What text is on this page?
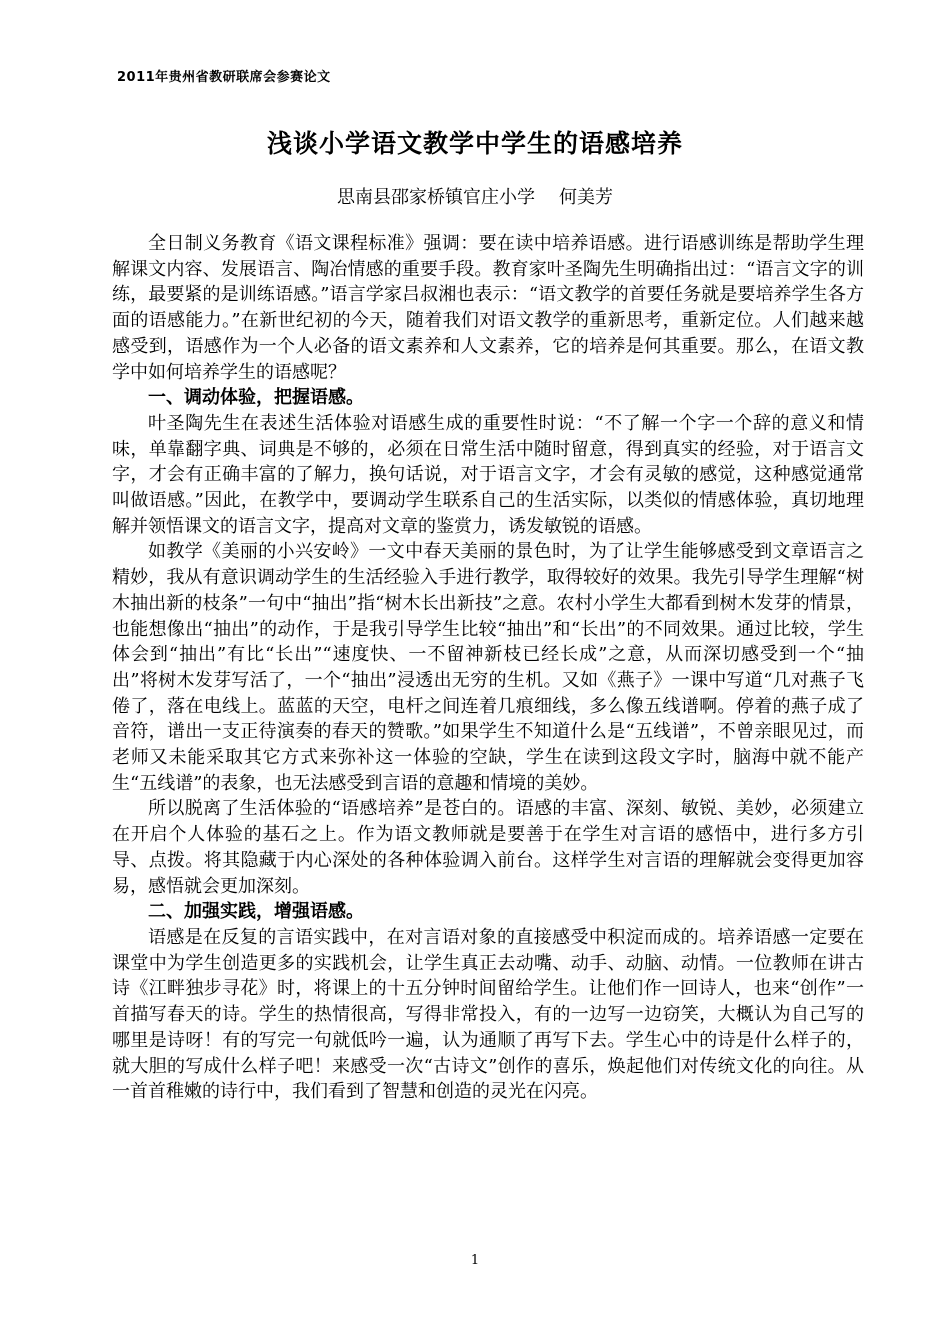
2011年贵州省教研联席会参赛论文
浅谈小学语文教学中学生的语感培养
思南县邵家桥镇官庄小学 何美芳

全日制义务教育《语文课程标准》强调：要在读中培养语感。进行语感训练是帮助学生理解课文内容、发展语言、陶冶情感的重要手段。教育家叶圣陶先生明确指出过：“语言文字的训练，最要紧的是训练语感。”语言学家吕叔湘也表示：“语文教学的首要任务就是要培养学生各方面的语感能力。”在新世纪初的今天，随着我们对语文教学的重新思考，重新定位。人们越来越感受到，语感作为一个人必备的语文素养和人文素养，它的培养是何其重要。那么，在语文教学中如何培养学生的语感呢？

一、调动体验，把握语感。

叶圣陶先生在表述生活体验对语感生成的重要性时说：“不了解一个字一个辞的意义和情味，单靠翻字典、词典是不够的，必须在日常生活中随时留意，得到真实的经验，对于语言文字，才会有正确丰富的了解力，换句话说，对于语言文字，才会有灵敏的感觉，这种感觉通常叫做语感。”因此，在教学中，要调动学生联系自己的生活实际，以类似的情感体验，真切地理解并领悟课文的语言文字，提高对文章的鉴赏力，诱发敏锐的语感。

如教学《美丽的小兴安岭》一文中春天美丽的景色时，为了让学生能够感受到文章语言之精妙，我从有意识调动学生的生活经验入手进行教学，取得较好的效果。我先引导学生理解“树木抽出新的枝条”一句中“抽出”指“树木长出新技”之意。农村小学生大都看到树木发芽的情景，也能想像出“抽出”的动作，于是我引导学生比较“抽出”和“长出”的不同效果。通过比较，学生体会到“抽出”有比“长出”“速度快、一不留神新枝已经长成”之意，从而深切感受到一个“抽出”将树木发芽写活了，一个“抽出”浸透出无穷的生机。又如《燕子》一课中写道“几对燕子飞倦了，落在电线上。蓝蓝的天空，电杆之间连着几痕细线，多么像五线谱啊。停着的燕子成了音符，谱出一支正待演奏的春天的赞歌。”如果学生不知道什么是“五线谱”，不曾亲眼见过，而老师又未能采取其它方式来弥补这一体验的空缺，学生在读到这段文字时，脑海中就不能产生“五线谱”的表象，也无法感受到言语的意趣和情境的美妙。

所以脱离了生活体验的“语感培养”是苍白的。语感的丰富、深刻、敏锐、美妙，必须建立在开启个人体验的基石之上。作为语文教师就是要善于在学生对言语的感悟中，进行多方引导、点拨。将其隐藏于内心深处的各种体验调入前台。这样学生对言语的理解就会变得更加容易，感悟就会更加深刻。

二、加强实践，增强语感。

语感是在反复的言语实践中，在对言语对象的直接感受中积淀而成的。培养语感一定要在课堂中为学生创造更多的实践机会，让学生真正去动嘴、动手、动脑、动情。一位教师在讲古诗《江畔独步寻花》时，将课上的十五分钟时间留给学生。让他们作一回诗人，也来“创作”一首描写春天的诗。学生的热情很高，写得非常投入，有的一边写一边窃笑，大概认为自己写的哪里是诗呀！有的写完一句就低吟一遍，认为通顺了再写下去。学生心中的诗是什么样子的，就大胆的写成什么样子吧！来感受一次“古诗文”创作的喜乐，焕起他们对传统文化的向往。从一首首稚嫩的诗行中，我们看到了智慧和创造的灵光在闪亮。

1
